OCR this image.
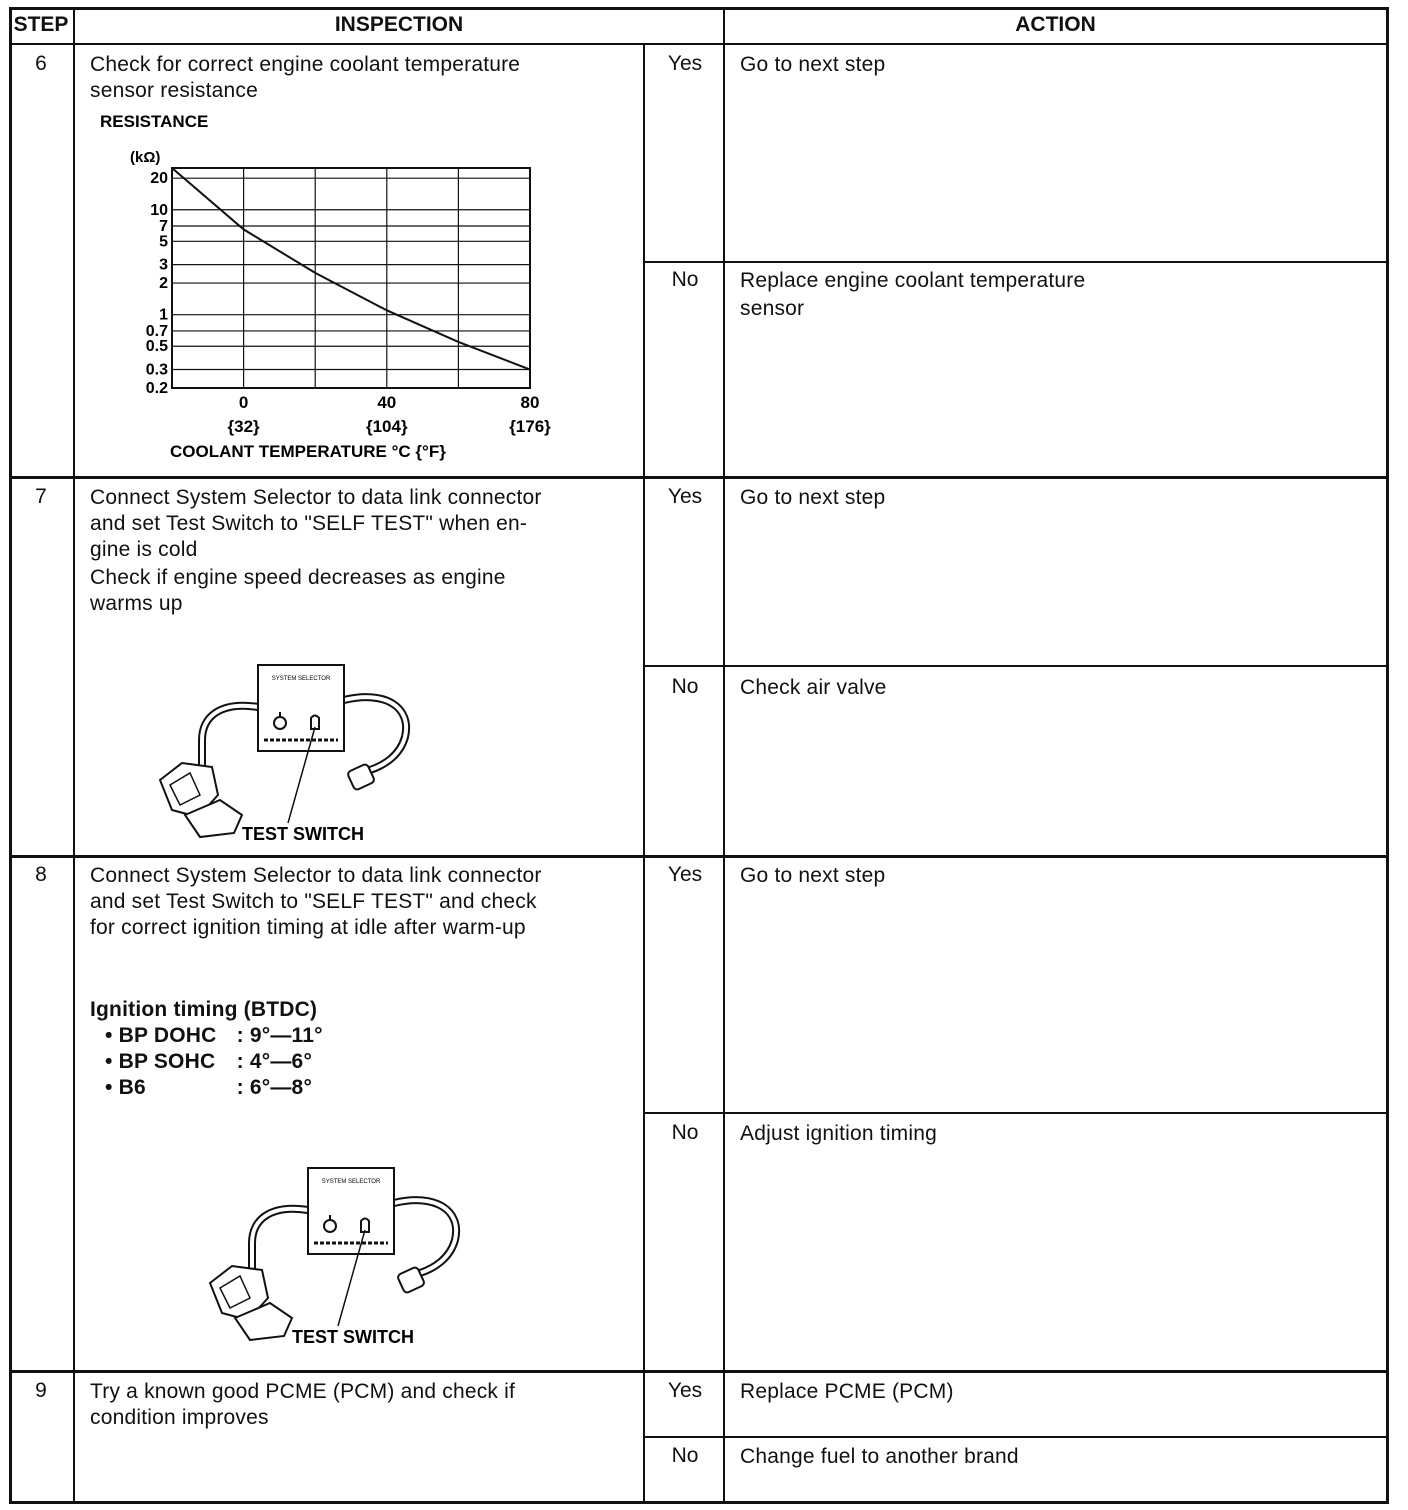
STEP	INSPECTION	ACTION
6	Check for correct engine coolant temperature
sensor resistance
Yes	Go to next step
No	Replace engine coolant temperature
sensor
RESISTANCE
(kΩ)
20
10
7
5
3
2
1
0.7
0.5
0.3
0.2
0
{32}
40
{104}
80
{176}
COOLANT TEMPERATURE °C {°F}
7	Connect System Selector to data link connector
and set Test Switch to "SELF TEST" when en-
gine is cold
Check if engine speed decreases as engine
warms up
Yes	Go to next step
No	Check air valve
SYSTEM SELECTOR
TEST SWITCH
8	Connect System Selector to data link connector
and set Test Switch to "SELF TEST" and check
for correct ignition timing at idle after warm-up
Ignition timing (BTDC)
• BP DOHC : 9°—11°
• BP SOHC : 4°—6°
• B6	: 6°—8°
Yes	Go to next step
No	Adjust ignition timing
SYSTEM SELECTOR
TEST SWITCH
9	Try a known good PCME (PCM) and check if
condition improves
Yes	Replace PCME (PCM)
No	Change fuel to another brand
